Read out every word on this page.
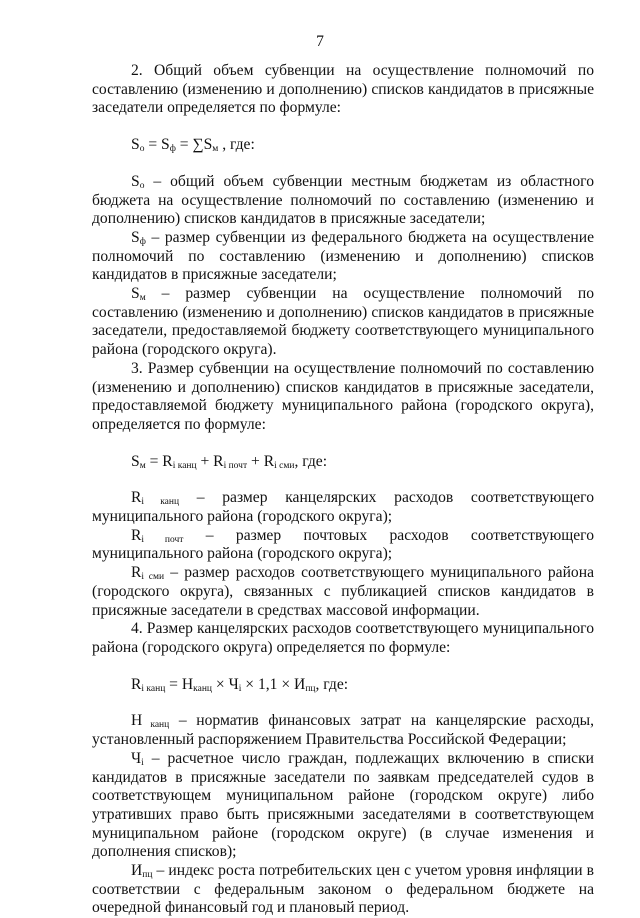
7

2. Общий объем субвенции на осуществление полномочий по составлению (изменению и дополнению) списков кандидатов в присяжные заседатели определяется по формуле:

$S_о = S_ф = \sum S_м$ , где:

$S_о$ – общий объем субвенции местным бюджетам из областного бюджета на осуществление полномочий по составлению (изменению и дополнению) списков кандидатов в присяжные заседатели;

$S_ф$ – размер субвенции из федерального бюджета на осуществление полномочий по составлению (изменению и дополнению) списков кандидатов в присяжные заседатели;

$S_м$ – размер субвенции на осуществление полномочий по составлению (изменению и дополнению) списков кандидатов в присяжные заседатели, предоставляемой бюджету соответствующего муниципального района (городского округа).

3. Размер субвенции на осуществление полномочий по составлению (изменению и дополнению) списков кандидатов в присяжные заседатели, предоставляемой бюджету муниципального района (городского округа), определяется по формуле:

$S_м = R_{i канц} + R_{i почт} + R_{i сми}$, где:

$R_{i канц}$ – размер канцелярских расходов соответствующего муниципального района (городского округа);

$R_{i почт}$ – размер почтовых расходов соответствующего муниципального района (городского округа);

$R_{i сми}$ – размер расходов соответствующего муниципального района (городского округа), связанных с публикацией списков кандидатов в присяжные заседатели в средствах массовой информации.

4. Размер канцелярских расходов соответствующего муниципального района (городского округа) определяется по формуле:

$R_{i канц} = Н_{канц} \times Ч_i \times 1,1 \times И_{пц}$, где:

Н $_{канц}$ – норматив финансовых затрат на канцелярские расходы, установленный распоряжением Правительства Российской Федерации;

$Ч_i$ – расчетное число граждан, подлежащих включению в списки кандидатов в присяжные заседатели по заявкам председателей судов в соответствующем муниципальном районе (городском округе) либо утративших право быть присяжными заседателями в соответствующем муниципальном районе (городском округе) (в случае изменения и дополнения списков);

$И_{пц}$ – индекс роста потребительских цен с учетом уровня инфляции в соответствии с федеральным законом о федеральном бюджете на очередной финансовый год и плановый период.
